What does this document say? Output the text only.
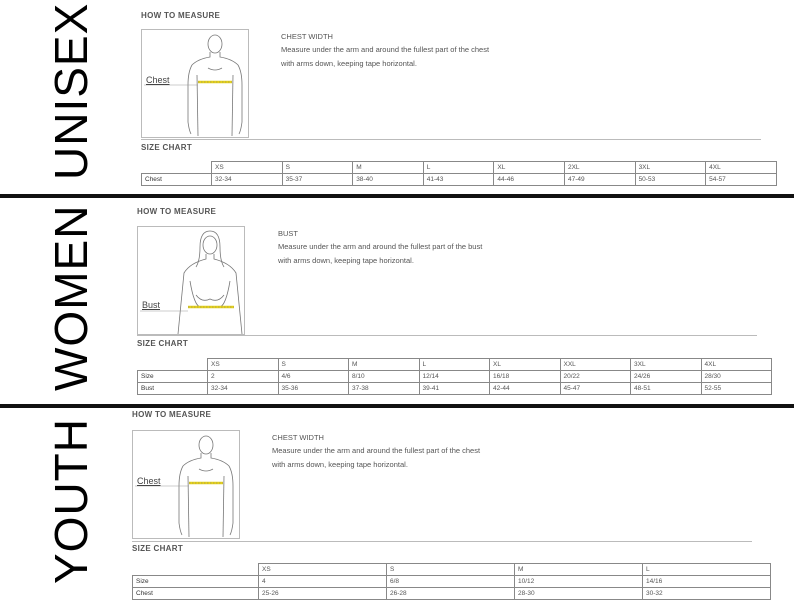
UNISEX	HOW TO MEASURE
Chest
CHEST WIDTH
Measure under the arm and around the fullest part of the chest
with arms down, keeping tape horizontal.
SIZE CHART
	XS	S	M	L	XL	2XL	3XL	4XL
Chest	32-34	35-37	38-40	41-43	44-46	47-49	50-53	54-57
WOMEN	HOW TO MEASURE
Bust
BUST
Measure under the arm and around the fullest part of the bust
with arms down, keeping tape horizontal.
SIZE CHART
	XS	S	M	L	XL	XXL	3XL	4XL
Size	2	4/6	8/10	12/14	16/18	20/22	24/26	28/30
Bust	32-34	35-36	37-38	39-41	42-44	45-47	48-51	52-55
YOUTH
HOW TO MEASURE
Chest
CHEST WIDTH
Measure under the arm and around the fullest part of the chest
with arms down, keeping tape horizontal.
SIZE CHART
	XS	S	M	L
Size	4	6/8	10/12	14/16
Chest	25-26	26-28	28-30	30-32
